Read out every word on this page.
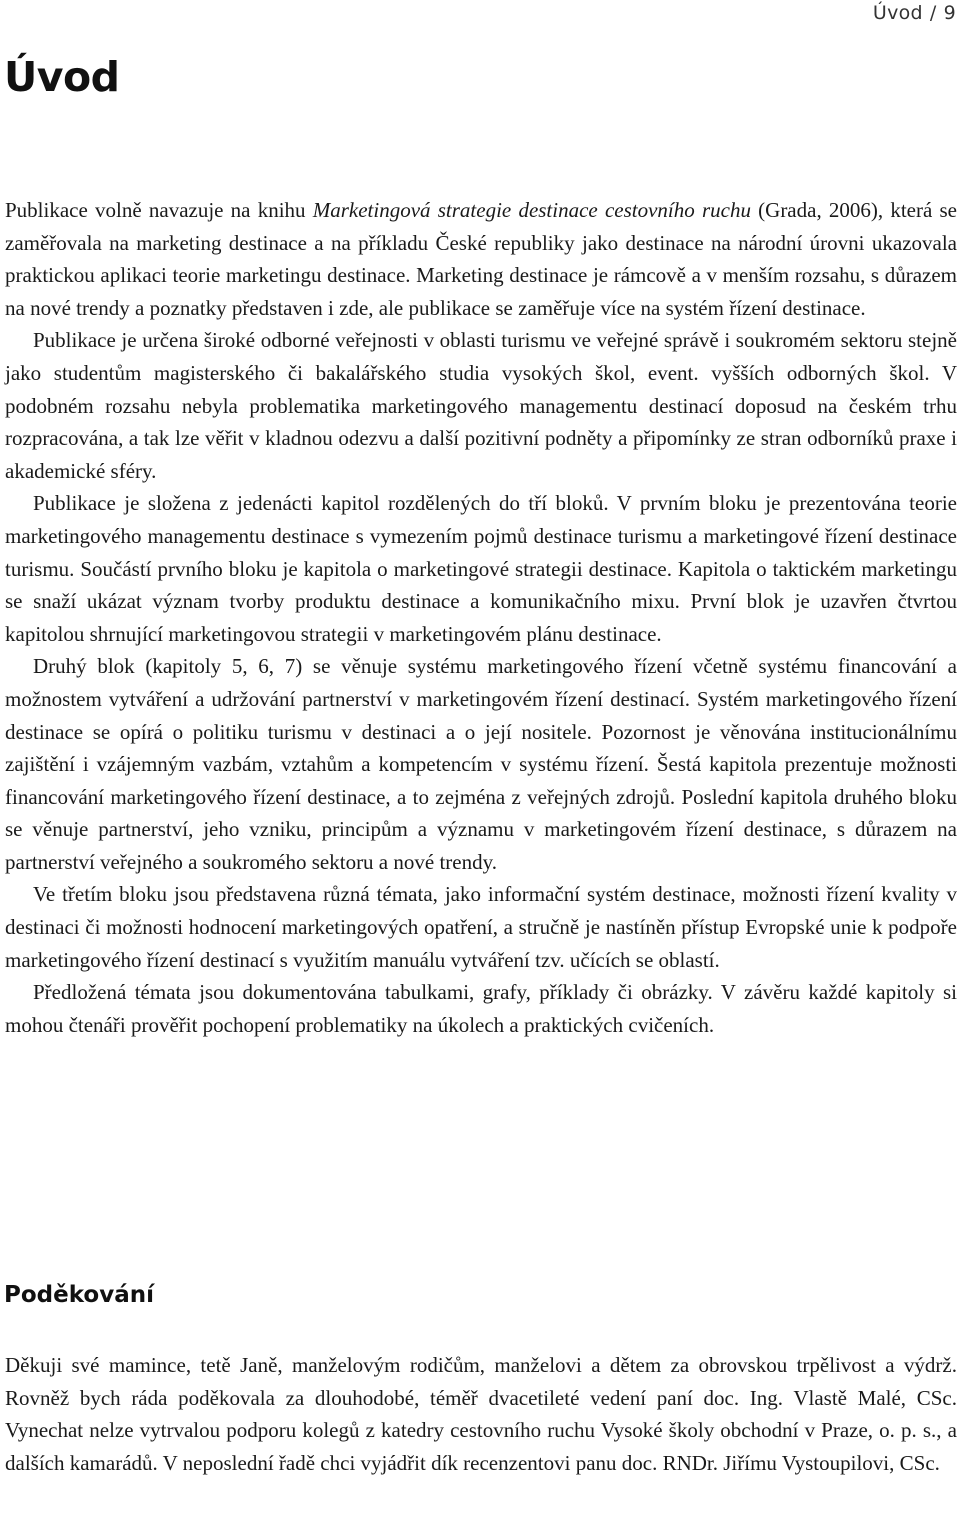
Úvod / 9
Úvod

Publikace volně navazuje na knihu Marketingová strategie destinace cestovního ruchu (Grada, 2006), která se zaměřovala na marketing destinace a na příkladu České republiky jako destinace na národní úrovni ukazovala praktickou aplikaci teorie marketingu destinace. Marketing destinace je rámcově a v menším rozsahu, s důrazem na nové trendy a poznatky představen i zde, ale publikace se zaměřuje více na systém řízení destinace.

Publikace je určena široké odborné veřejnosti v oblasti turismu ve veřejné správě i soukromém sektoru stejně jako studentům magisterského či bakalářského studia vysokých škol, event. vyšších odborných škol. V podobném rozsahu nebyla problematika marketingového managementu destinací doposud na českém trhu rozpracována, a tak lze věřit v kladnou odezvu a další pozitivní podněty a připomínky ze stran odborníků praxe i akademické sféry.

Publikace je složena z jedenácti kapitol rozdělených do tří bloků. V prvním bloku je prezentována teorie marketingového managementu destinace s vymezením pojmů destinace turismu a marketingové řízení destinace turismu. Součástí prvního bloku je kapitola o marketingové strategii destinace. Kapitola o taktickém marketingu se snaží ukázat význam tvorby produktu destinace a komunikačního mixu. První blok je uzavřen čtvrtou kapitolou shrnující marketingovou strategii v marketingovém plánu destinace.

Druhý blok (kapitoly 5, 6, 7) se věnuje systému marketingového řízení včetně systému financování a možnostem vytváření a udržování partnerství v marketingovém řízení destinací. Systém marketingového řízení destinace se opírá o politiku turismu v destinaci a o její nositele. Pozornost je věnována institucionálnímu zajištění i vzájemným vazbám, vztahům a kompetencím v systému řízení. Šestá kapitola prezentuje možnosti financování marketingového řízení destinace, a to zejména z veřejných zdrojů. Poslední kapitola druhého bloku se věnuje partnerství, jeho vzniku, principům a významu v marketingovém řízení destinace, s důrazem na partnerství veřejného a soukromého sektoru a nové trendy.

Ve třetím bloku jsou představena různá témata, jako informační systém destinace, možnosti řízení kvality v destinaci či možnosti hodnocení marketingových opatření, a stručně je nastíněn přístup Evropské unie k podpoře marketingového řízení destinací s využitím manuálu vytváření tzv. učících se oblastí.

Předložená témata jsou dokumentována tabulkami, grafy, příklady či obrázky. V závěru každé kapitoly si mohou čtenáři prověřit pochopení problematiky na úkolech a praktických cvičeních.

Poděkování

Děkuji své mamince, tetě Janě, manželovým rodičům, manželovi a dětem za obrovskou trpělivost a výdrž. Rovněž bych ráda poděkovala za dlouhodobé, téměř dvacetileté vedení paní doc. Ing. Vlastě Malé, CSc. Vynechat nelze vytrvalou podporu kolegů z katedry cestovního ruchu Vysoké školy obchodní v Praze, o. p. s., a dalších kamarádů. V neposlední řadě chci vyjádřit dík recenzentovi panu doc. RNDr. Jiřímu Vystoupilovi, CSc.
